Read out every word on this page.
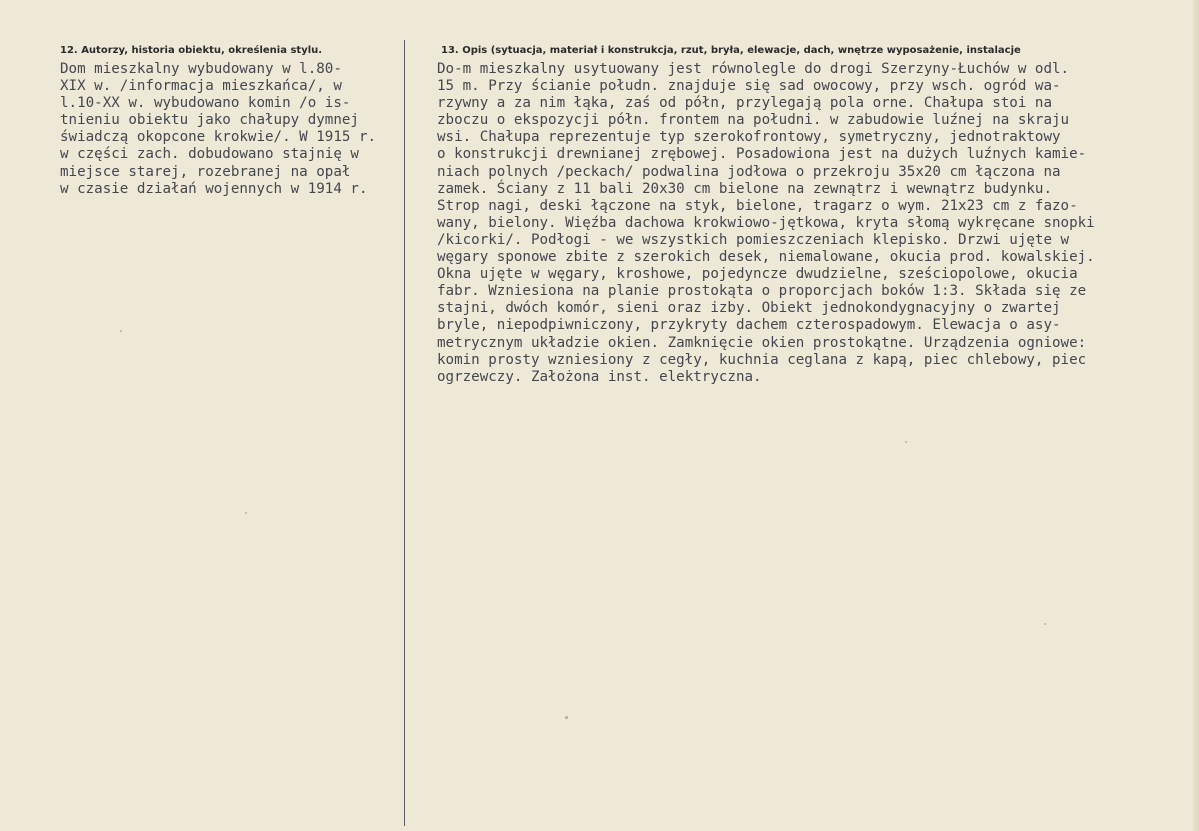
12. Autorzy, historia obiektu, określenia stylu.	13. Opis (sytuacja, materiał i konstrukcja, rzut, bryła, elewacje, dach, wnętrze wyposażenie, instalacje
Dom mieszkalny wybudowany w l.80-
XIX w. /informacja mieszkańca/, w
l.10-XX w. wybudowano komin /o is-
tnieniu obiektu jako chałupy dymnej
świadczą okopcone krokwie/. W 1915 r.
w części zach. dobudowano stajnię w
miejsce starej, rozebranej na opał
w czasie działań wojennych w 1914 r.
Do-m mieszkalny usytuowany jest równolegle do drogi Szerzyny-Łuchów w odl.
15 m. Przy ścianie połudn. znajduje się sad owocowy, przy wsch. ogród wa-
rzywny a za nim łąka, zaś od półn, przylegają pola orne. Chałupa stoi na
zboczu o ekspozycji półn. frontem na południ. w zabudowie luźnej na skraju
wsi. Chałupa reprezentuje typ szerokofrontowy, symetryczny, jednotraktowy
o konstrukcji drewnianej zrębowej. Posadowiona jest na dużych luźnych kamie-
niach polnych /peckach/ podwalina jodłowa o przekroju 35x20 cm łączona na
zamek. Ściany z 11 bali 20x30 cm bielone na zewnątrz i wewnątrz budynku.
Strop nagi, deski łączone na styk, bielone, tragarz o wym. 21x23 cm z fazo-
wany, bielony. Więźba dachowa krokwiowo-jętkowa, kryta słomą wykręcane snopki
/kicorki/. Podłogi - we wszystkich pomieszczeniach klepisko. Drzwi ujęte w
węgary sponowe zbite z szerokich desek, niemalowane, okucia prod. kowalskiej.
Okna ujęte w węgary, kroshowe, pojedyncze dwudzielne, sześciopolowe, okucia
fabr. Wzniesiona na planie prostokąta o proporcjach boków 1:3. Składa się ze
stajni, dwóch komór, sieni oraz izby. Obiekt jednokondygnacyjny o zwartej
bryle, niepodpiwniczony, przykryty dachem czterospadowym. Elewacja o asy-
metrycznym układzie okien. Zamknięcie okien prostokątne. Urządzenia ogniowe:
komin prosty wzniesiony z cegły, kuchnia ceglana z kapą, piec chlebowy, piec
ogrzewczy. Założona inst. elektryczna.
